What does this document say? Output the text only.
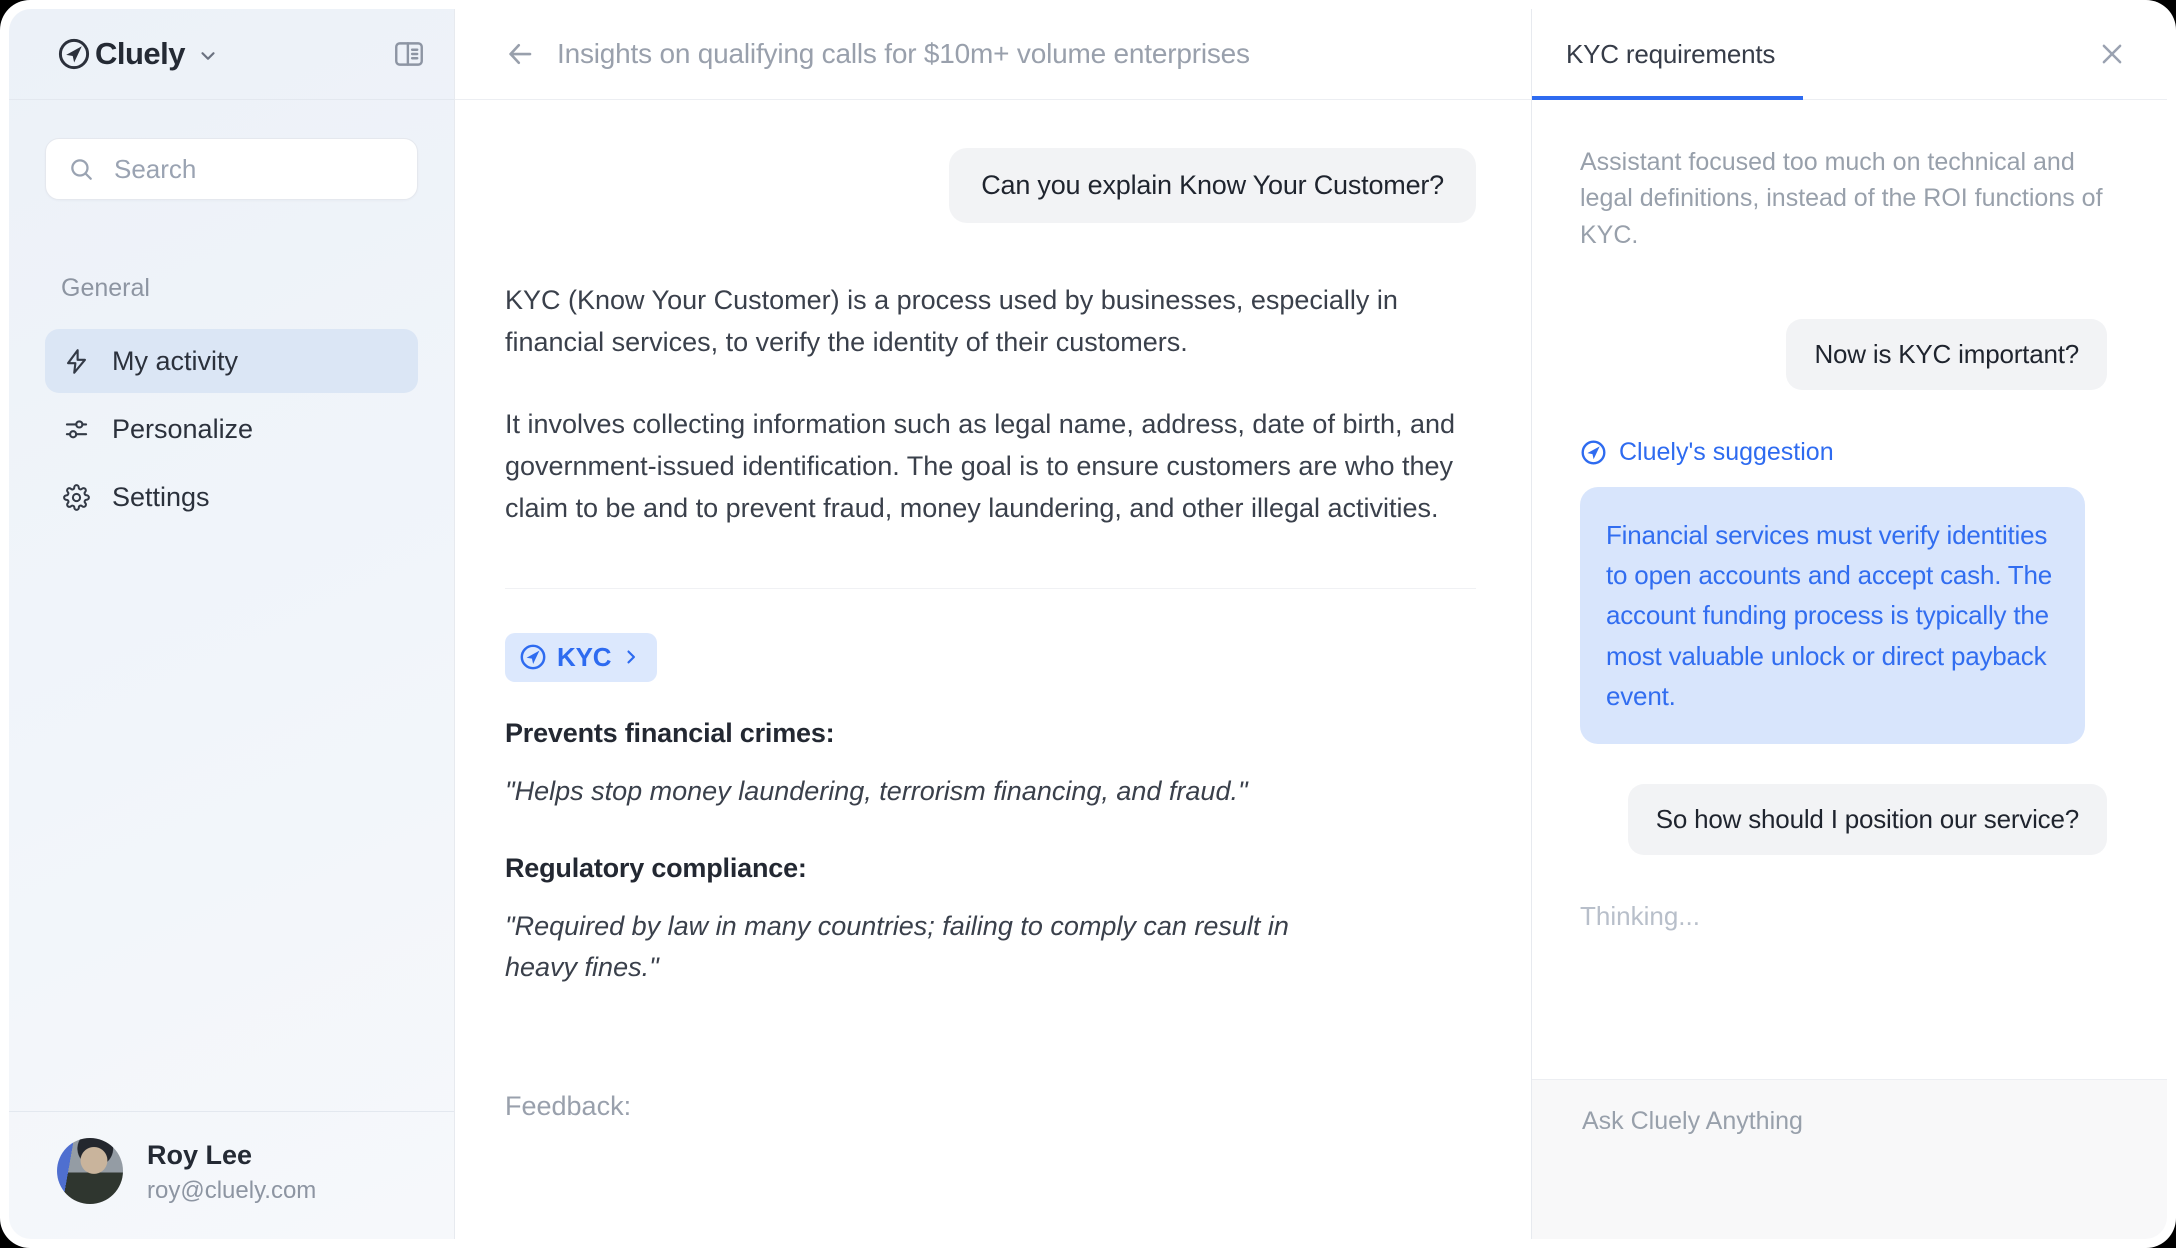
Cluely
Search
General
My activity
Personalize
Settings
Roy Lee
roy@cluely.com
Insights on qualifying calls for $10m+ volume enterprises
Can you explain Know Your Customer?

KYC (Know Your Customer) is a process used by businesses, especially in financial services, to verify the identity of their customers.

It involves collecting information such as legal name, address, date of birth, and government-issued identification. The goal is to ensure customers are who they claim to be and to prevent fraud, money laundering, and other illegal activities.

KYC
Prevents financial crimes:

"Helps stop money laundering, terrorism financing, and fraud."

Regulatory compliance:

"Required by law in many countries; failing to comply can result in heavy fines."

Feedback:
KYC requirements

Assistant focused too much on technical and legal definitions, instead of the ROI functions of KYC.

Now is KYC important?
Cluely's suggestion
Financial services must verify identities to open accounts and accept cash. The account funding process is typically the most valuable unlock or direct payback event.
So how should I position our service?
Thinking...
Ask Cluely Anything
